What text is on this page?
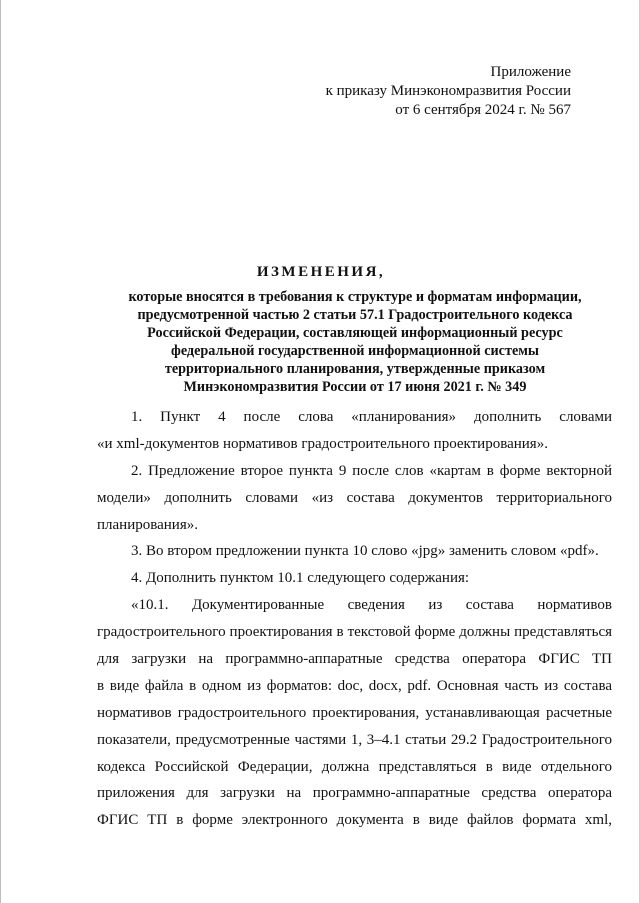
Приложение
к приказу Минэкономразвития России
от 6 сентября 2024 г. № 567
ИЗМЕНЕНИЯ,
которые вносятся в требования к структуре и форматам информации,
предусмотренной частью 2 статьи 57.1 Градостроительного кодекса
Российской Федерации, составляющей информационный ресурс
федеральной государственной информационной системы
территориального планирования, утвержденные приказом
Минэкономразвития России от 17 июня 2021 г. № 349
1. Пункт 4 после слова «планирования» дополнить словами
«и xml-документов нормативов градостроительного проектирования».
2. Предложение второе пункта 9 после слов «картам в форме векторной
модели» дополнить словами «из состава документов территориального
планирования».
3. Во втором предложении пункта 10 слово «jpg» заменить словом «pdf».
4. Дополнить пунктом 10.1 следующего содержания:
«10.1. Документированные сведения из состава нормативов
градостроительного проектирования в текстовой форме должны представляться
для загрузки на программно-аппаратные средства оператора ФГИС ТП
в виде файла в одном из форматов: doc, docx, pdf. Основная часть из состава
нормативов градостроительного проектирования, устанавливающая расчетные
показатели, предусмотренные частями 1, 3–4.1 статьи 29.2 Градостроительного
кодекса Российской Федерации, должна представляться в виде отдельного
приложения для загрузки на программно-аппаратные средства оператора
ФГИС ТП в форме электронного документа в виде файлов формата xml,
